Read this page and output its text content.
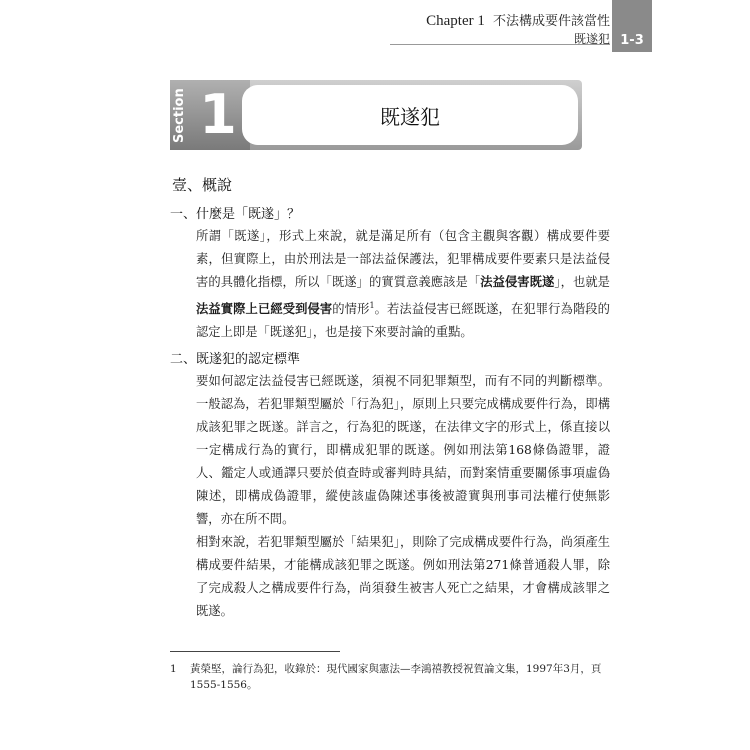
Chapter 1 不法構成要件該當性
既遂犯 1-3
Section 1	既遂犯
壹、概說
一、什麼是「既遂」？

所謂「既遂」，形式上來說，就是滿足所有（包含主觀與客觀）構成要件要素，但實際上，由於刑法是一部法益保護法，犯罪構成要件要素只是法益侵害的具體化指標，所以「既遂」的實質意義應該是「法益侵害既遂」，也就是法益實際上已經受到侵害的情形$^1$。若法益侵害已經既遂，在犯罪行為階段的認定上即是「既遂犯」，也是接下來要討論的重點。

二、既遂犯的認定標準

要如何認定法益侵害已經既遂，須視不同犯罪類型，而有不同的判斷標準。一般認為，若犯罪類型屬於「行為犯」，原則上只要完成構成要件行為，即構成該犯罪之既遂。詳言之，行為犯的既遂，在法律文字的形式上，係直接以一定構成行為的實行，即構成犯罪的既遂。例如刑法第168條偽證罪，證人、鑑定人或通譯只要於偵查時或審判時具結，而對案情重要關係事項虛偽陳述，即構成偽證罪，縱使該虛偽陳述事後被證實與刑事司法權行使無影響，亦在所不問。

相對來說，若犯罪類型屬於「結果犯」，則除了完成構成要件行為，尚須產生構成要件結果，才能構成該犯罪之既遂。例如刑法第271條普通殺人罪，除了完成殺人之構成要件行為，尚須發生被害人死亡之結果，才會構成該罪之既遂。

1 黃榮堅，論行為犯，收錄於：現代國家與憲法—李鴻禧教授祝賀論文集，1997年3月，頁1555-1556。
